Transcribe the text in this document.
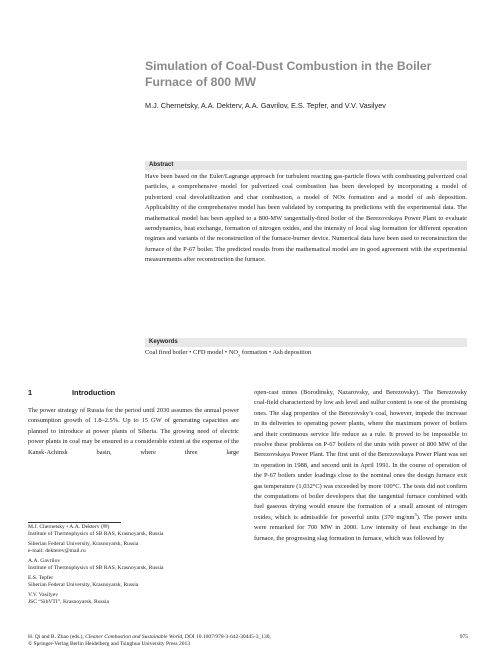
Simulation of Coal-Dust Combustion in the Boiler Furnace of 800 MW
M.J. Chernetsky, A.A. Dekterv, A.A. Gavrilov, E.S. Tepfer, and V.V. Vasilyev
Abstract

Have been based on the Euler/Lagrange approach for turbulent reacting gas-particle flows with combusting pulverized coal particles, a comprehensive model for pulverized coal combustion has been developed by incorporating a model of pulverized coal devolatilization and char combustion, a model of NOx formation and a model of ash deposition. Applicability of the comprehensive model has been validated by comparing its predictions with the experimental data. The mathematical model has been applied to a 800-MW tangentially-fired boiler of the Berezovskaya Power Plant to evaluate aerodynamics, heat exchange, formation of nitrogen oxides, and the intensity of local slag formation for different operation regimes and variants of the reconstruction of the furnace-burner device. Numerical data have been used to reconstruction the furnace of the P-67 boiler. The predicted results from the mathematical model are in good agreement with the experimental measurements after reconstruction the furnace.

Keywords
Coal fired boiler • CFD model • $NO_x$ formation • Ash deposition
1	Introduction

The power strategy of Russia for the period until 2030 assumes the annual power consumption growth of 1.8–2.5%. Up to 15 GW of generating capacities are planned to introduce at power plants of Siberia. The growing need of electric power plants in coal may be ensured to a considerable extent at the expense of the Kansk-Achinsk basin, where three large

M.J. Chernetsky • A.A. Dekterv (✉)
Institute of Thermophysics of SB RAS, Krasnoyarsk, Russia
Siberian Federal University, Krasnoyarsk, Russia
e-mail: dekterev@mail.ru
A.A. Gavrilov
Institute of Thermophysics of SB RAS, Krasnoyarsk, Russia
E.S. Tepfer
Siberian Federal University, Krasnoyarsk, Russia
V.V. Vasilyev
JSC “SibVTI”, Krasnoyarsk, Russia

open-cast mines (Borodinsky, Nazarovsky, and Berezovsky). The Berezovsky coal-field characterized by low ash level and sulfur content is one of the promising ones. The slag properties of the Berezovsky’s coal, however, impede the increase in its deliveries to operating power plants, where the maximum power of boilers and their continuous service life reduce as a rule. It proved to be impossible to resolve these problems on P-67 boilers of the units with power of 800 MW of the Berezovskaya Power Plant. The first unit of the Berezovskaya Power Plant was set in operation in 1988, and second unit in April 1991. In the course of operation of the P-67 boilers under loadings close to the nominal ones the design furnace exit gas temperature (1,032°C) was exceeded by more 100°C. The tests did not confirm the computations of boiler developers that the tangential furnace combined with fuel gaseous drying would ensure the formation of a small amount of nitrogen oxides, which is admissible for powerful units (370 $mg/nm^3$). The power units were remarked for 700 MW in 2000. Low intensity of heat exchange in the furnace, the progressing slag formation in furnace, which was followed by

H. Qi and B. Zhao (eds.), Cleaner Combustion and Sustainable World, DOI 10.1007/978-3-642-30445-3_130,
© Springer-Verlag Berlin Heidelberg and Tsinghua University Press 2013
975
